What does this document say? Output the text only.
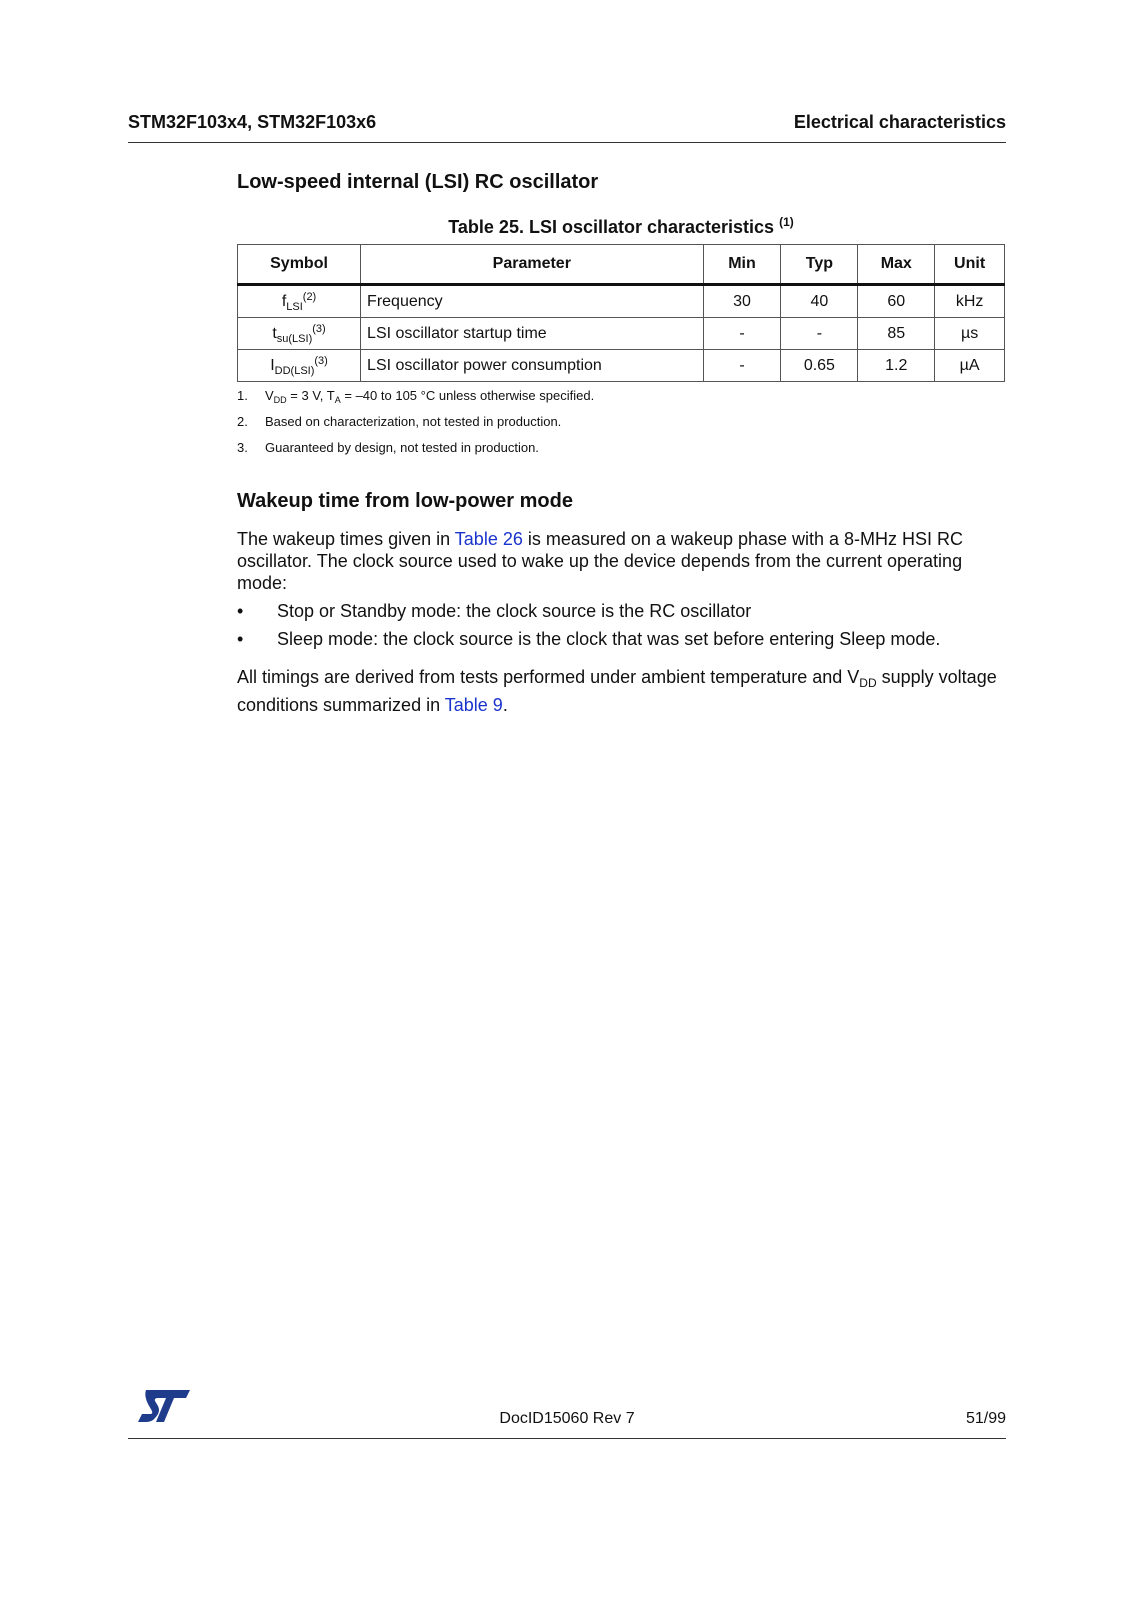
STM32F103x4, STM32F103x6	Electrical characteristics
Low-speed internal (LSI) RC oscillator
Table 25. LSI oscillator characteristics $^{(1)}$
Symbol	Parameter	Min	Typ	Max	Unit
$f_{LSI}^{(2)}$	Frequency	30	40	60	kHz
$t_{su(LSI)}^{(3)}$	LSI oscillator startup time	-	-	85	µs
$I_{DD(LSI)}^{(3)}$	LSI oscillator power consumption	-	0.65	1.2	µA
1.	$V_{DD} = 3$ V, $T_A = -40$ to 105 °C unless otherwise specified.
2.	Based on characterization, not tested in production.
3.	Guaranteed by design, not tested in production.
Wakeup time from low-power mode
The wakeup times given in Table 26 is measured on a wakeup phase with a 8-MHz HSI RC oscillator. The clock source used to wake up the device depends from the current operating mode:
•	Stop or Standby mode: the clock source is the RC oscillator
•	Sleep mode: the clock source is the clock that was set before entering Sleep mode.
All timings are derived from tests performed under ambient temperature and $V_{DD}$ supply voltage conditions summarized in Table 9.
DocID15060 Rev 7	51/99
